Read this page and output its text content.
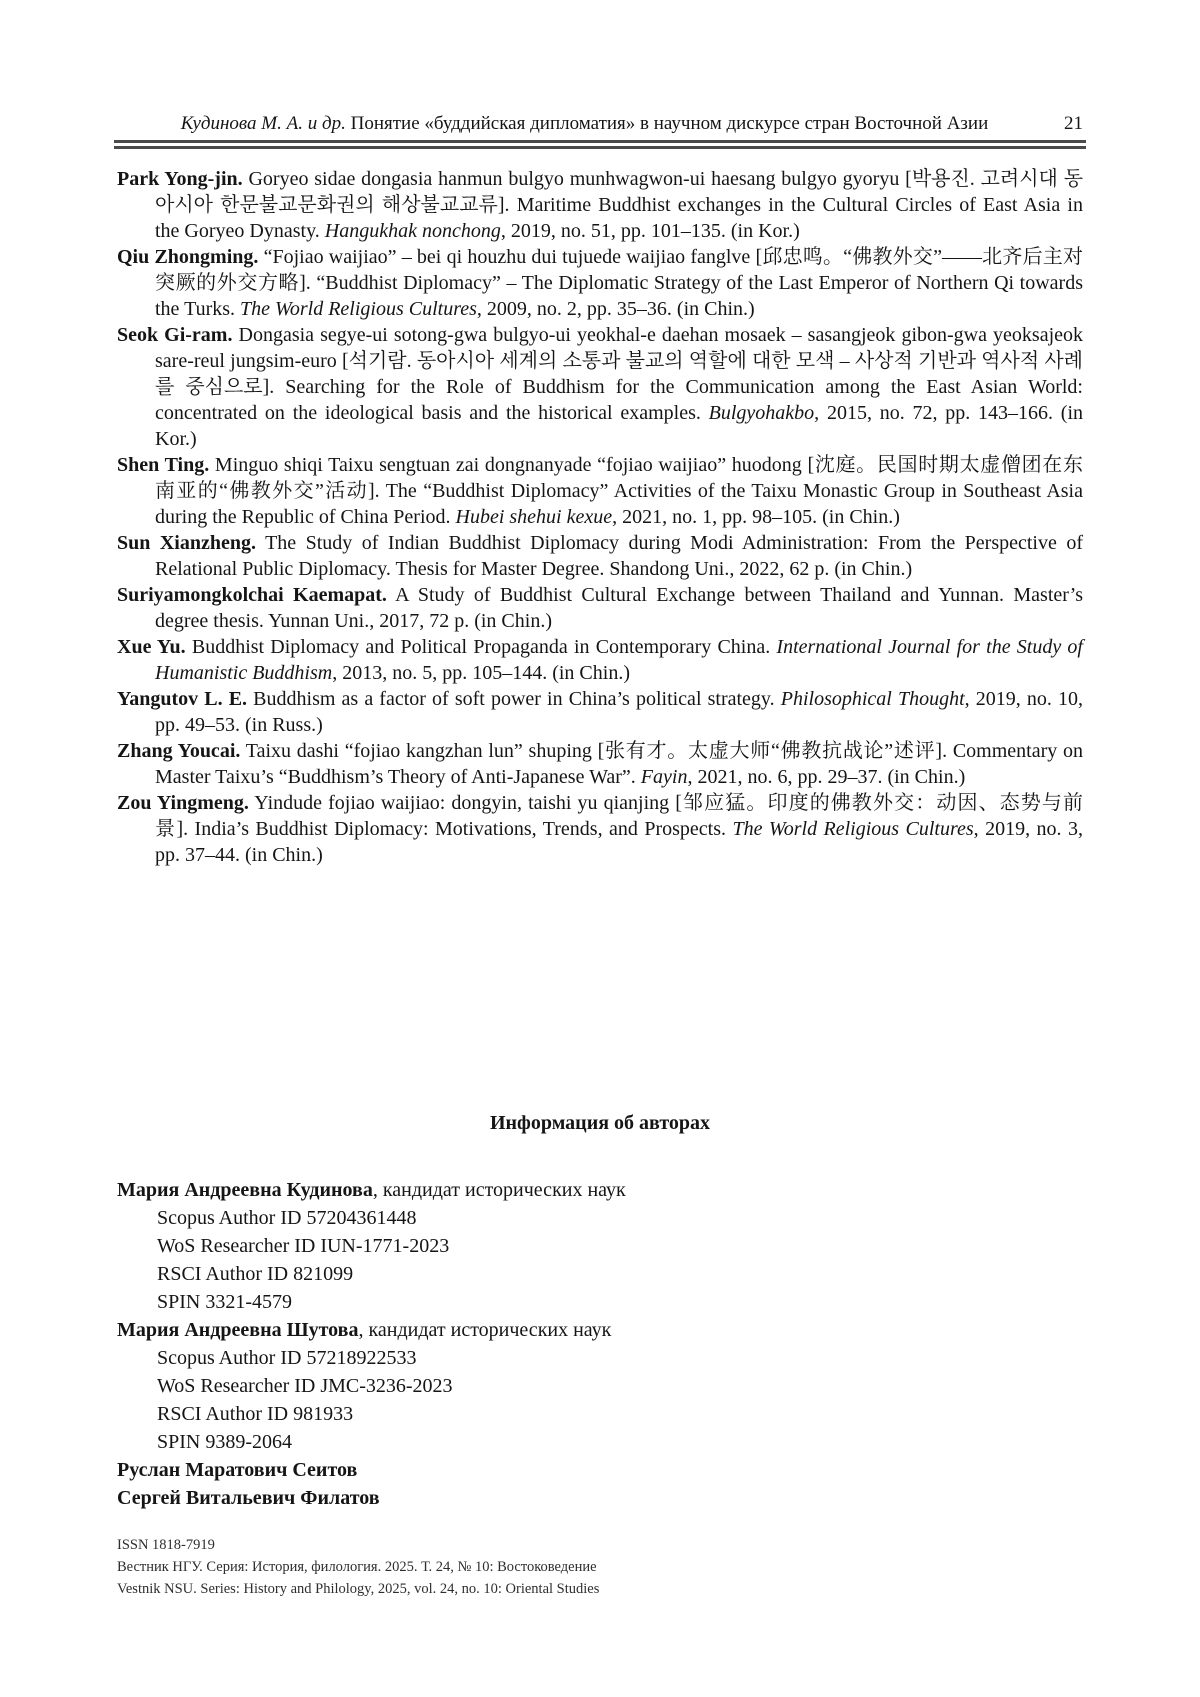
Кудинова М. А. и др. Понятие «буддийская дипломатия» в научном дискурсе стран Восточной Азии	21

Park Yong-jin. Goryeo sidae dongasia hanmun bulgyo munhwagwon-ui haesang bulgyo gyoryu [박용진. 고려시대 동아시아 한문불교문화권의 해상불교교류]. Maritime Buddhist exchanges in the Cultural Circles of East Asia in the Goryeo Dynasty. Hangukhak nonchong, 2019, no. 51, pp. 101–135. (in Kor.)

Qiu Zhongming. “Fojiao waijiao” – bei qi houzhu dui tujuede waijiao fanglve [邱忠鸣。“佛教外交”——北齐后主对突厥的外交方略]. “Buddhist Diplomacy” – The Diplomatic Strategy of the Last Emperor of Northern Qi towards the Turks. The World Religious Cultures, 2009, no. 2, pp. 35–36. (in Chin.)

Seok Gi-ram. Dongasia segye-ui sotong-gwa bulgyo-ui yeokhal-e daehan mosaek – sasangjeok gibon-gwa yeoksajeok sare-reul jungsim-euro [석기람. 동아시아 세계의 소통과 불교의 역할에 대한 모색 – 사상적 기반과 역사적 사례를 중심으로]. Searching for the Role of Buddhism for the Communication among the East Asian World: concentrated on the ideological basis and the historical examples. Bulgyohakbo, 2015, no. 72, pp. 143–166. (in Kor.)

Shen Ting. Minguo shiqi Taixu sengtuan zai dongnanyade “fojiao waijiao” huodong [沈庭。民国时期太虚僧团在东南亚的“佛教外交”活动]. The “Buddhist Diplomacy” Activities of the Taixu Monastic Group in Southeast Asia during the Republic of China Period. Hubei shehui kexue, 2021, no. 1, pp. 98–105. (in Chin.)

Sun Xianzheng. The Study of Indian Buddhist Diplomacy during Modi Administration: From the Perspective of Relational Public Diplomacy. Thesis for Master Degree. Shandong Uni., 2022, 62 p. (in Chin.)

Suriyamongkolchai Kaemapat. A Study of Buddhist Cultural Exchange between Thailand and Yunnan. Master’s degree thesis. Yunnan Uni., 2017, 72 p. (in Chin.)

Xue Yu. Buddhist Diplomacy and Political Propaganda in Contemporary China. International Journal for the Study of Humanistic Buddhism, 2013, no. 5, pp. 105–144. (in Chin.)

Yangutov L. E. Buddhism as a factor of soft power in China’s political strategy. Philosophical Thought, 2019, no. 10, pp. 49–53. (in Russ.)

Zhang Youcai. Taixu dashi “fojiao kangzhan lun” shuping [张有才。太虚大师“佛教抗战论”述评]. Commentary on Master Taixu’s “Buddhism’s Theory of Anti-Japanese War”. Fayin, 2021, no. 6, pp. 29–37. (in Chin.)

Zou Yingmeng. Yindude fojiao waijiao: dongyin, taishi yu qianjing [邹应猛。印度的佛教外交：动因、态势与前景]. India’s Buddhist Diplomacy: Motivations, Trends, and Prospects. The World Religious Cultures, 2019, no. 3, pp. 37–44. (in Chin.)

Информация об авторах
Мария Андреевна Кудинова, кандидат исторических наук
Scopus Author ID 57204361448
WoS Researcher ID IUN-1771-2023
RSCI Author ID 821099
SPIN 3321-4579
Мария Андреевна Шутова, кандидат исторических наук
Scopus Author ID 57218922533
WoS Researcher ID JMC-3236-2023
RSCI Author ID 981933
SPIN 9389-2064
Руслан Маратович Сеитов
Сергей Витальевич Филатов
ISSN 1818-7919
Вестник НГУ. Серия: История, филология. 2025. Т. 24, № 10: Востоковедение
Vestnik NSU. Series: History and Philology, 2025, vol. 24, no. 10: Oriental Studies
